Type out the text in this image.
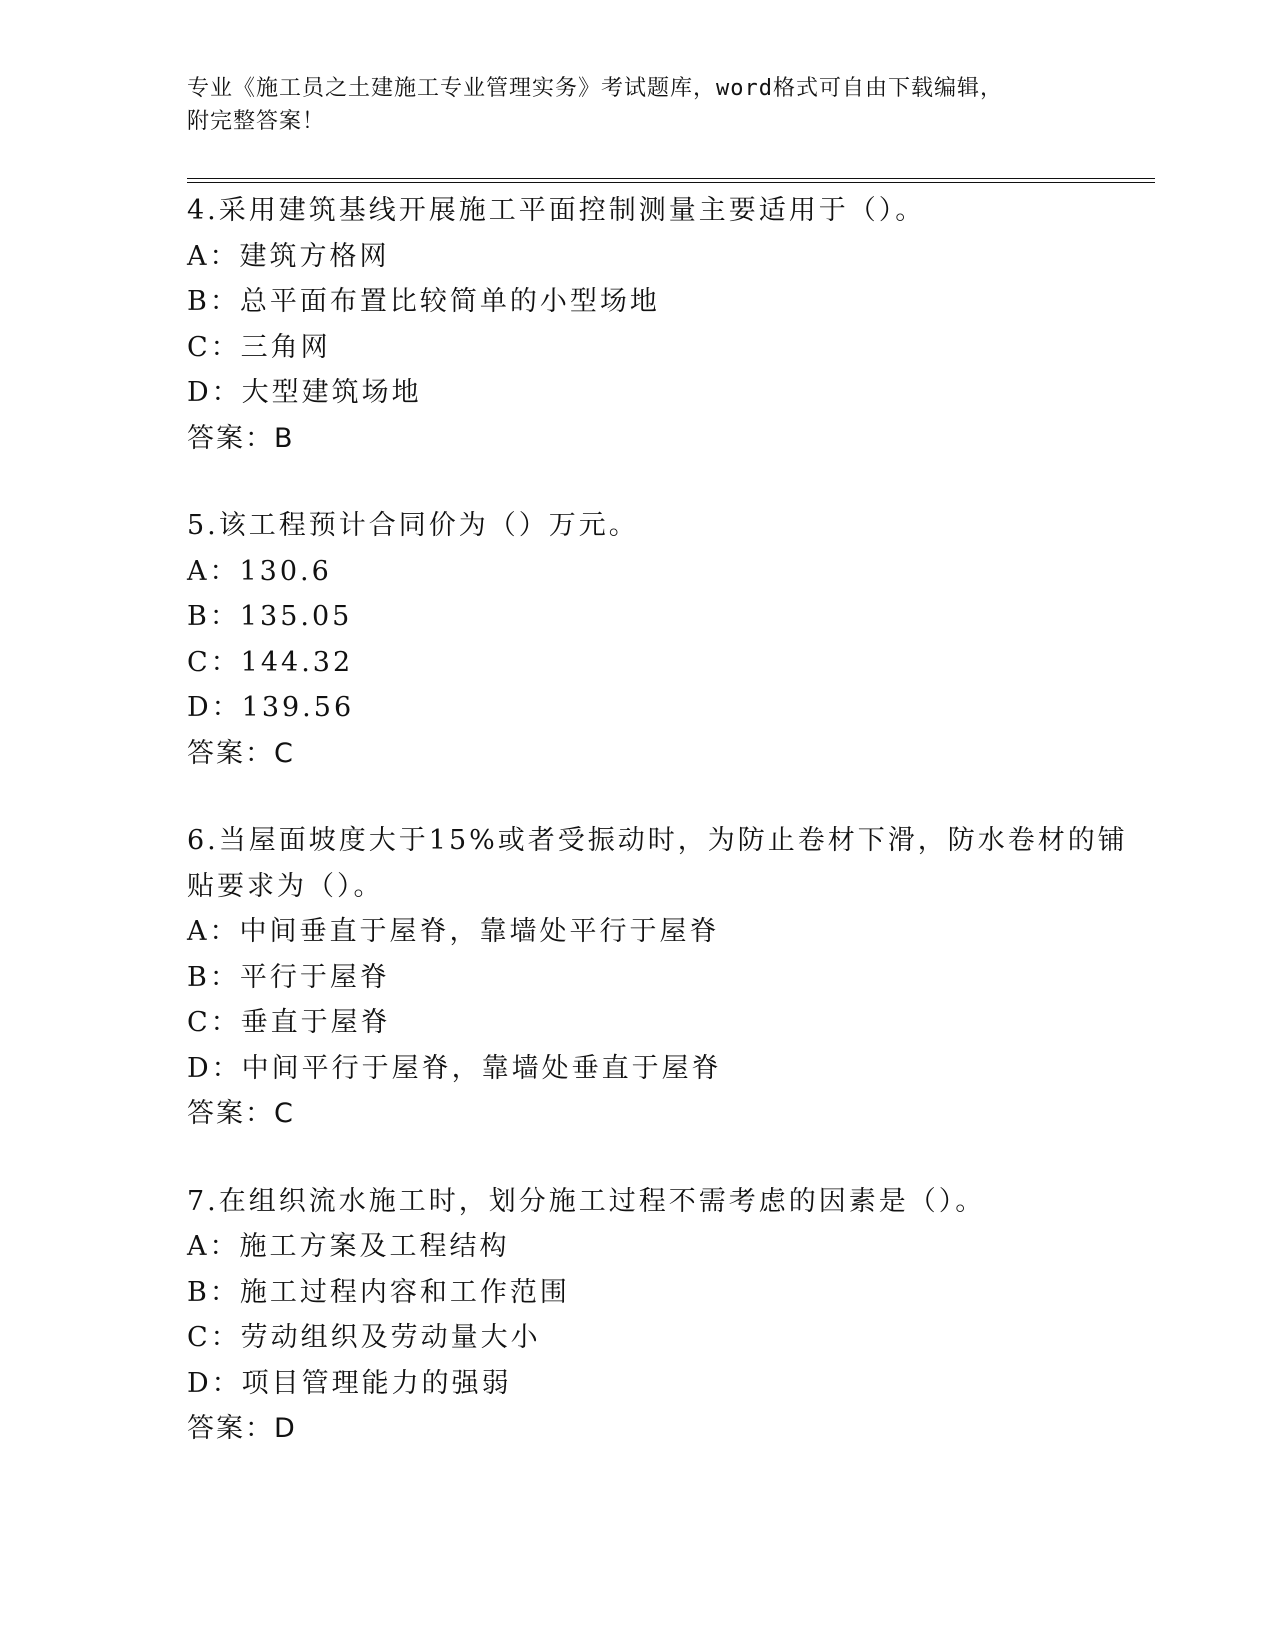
专业《施工员之土建施工专业管理实务》考试题库，word格式可自由下载编辑，
附完整答案！
4.采用建筑基线开展施工平面控制测量主要适用于（）。
A：建筑方格网
B：总平面布置比较简单的小型场地
C：三角网
D：大型建筑场地
答案：B
5.该工程预计合同价为（）万元。
A：130.6
B：135.05
C：144.32
D：139.56
答案：C
6.当屋面坡度大于15%或者受振动时，为防止卷材下滑，防水卷材的铺
贴要求为（）。
A：中间垂直于屋脊，靠墙处平行于屋脊
B：平行于屋脊
C：垂直于屋脊
D：中间平行于屋脊，靠墙处垂直于屋脊
答案：C
7.在组织流水施工时，划分施工过程不需考虑的因素是（）。
A：施工方案及工程结构
B：施工过程内容和工作范围
C：劳动组织及劳动量大小
D：项目管理能力的强弱
答案：D
